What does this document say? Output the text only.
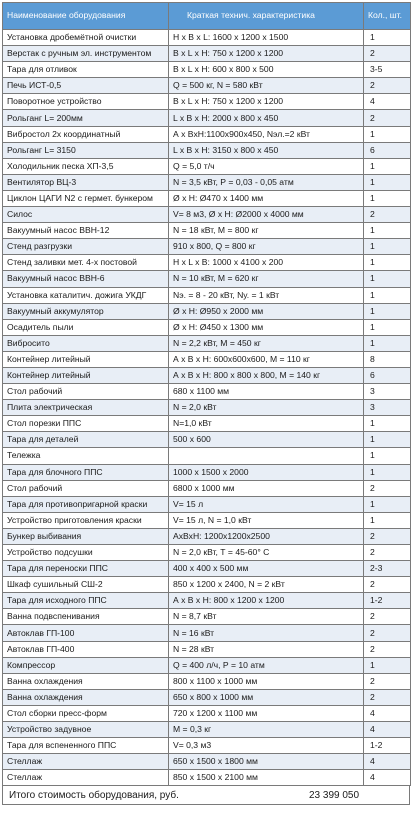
Наименование оборудования	Краткая технич. характеристика	Кол., шт.
Установка дробемётной очистки	Н х В х L: 1600 х 1200 х 1500	1
Верстак с ручным эл. инструментом	В х L х Н: 750 х 1200 х 1200	2
Тара для отливок	В х L х Н: 600 х 800 х 500	3-5
Печь ИСТ-0,5	Q = 500 кг, N = 580 кВт	2
Поворотное устройство	В х L х Н: 750 х 1200 х 1200	4
Рольганг L= 200мм	L х В х Н: 2000 х 800 х 450	2
Вибростол 2х координатный	А х ВхН:1100х900х450, Nэл.=2 кВт	1
Рольганг L= 3150	L х В х Н: 3150 х 800 х 450	6
Холодильник песка ХП-3,5	Q = 5,0 т/ч	1
Вентилятор ВЦ-3	N = 3,5 кВт, Р = 0,03 - 0,05 атм	1
Циклон ЦАГИ N2 с гермет. бункером	Ø х Н: Ø470 х 1400 мм	1
Силос	V= 8 м3, Ø х Н: Ø2000 х 4000 мм	2
Вакуумный насос ВВН-12	N = 18 кВт, М = 800 кг	1
Стенд разгрузки	910 х 800, Q = 800 кг	1
Стенд заливки мет. 4-х постовой	Н х L х В: 1000 х 4100 х 200	1
Вакуумный насос ВВН-6	N = 10 кВт, М = 620 кг	1
Установка каталитич. дожига УКДГ	Nэ. = 8 - 20 кВт, Nу. = 1 кВт	1
Вакуумный аккумулятор	Ø х Н: Ø950 х 2000 мм	1
Осадитель пыли	Ø х Н: Ø450 х 1300 мм	1
Вибросито	N = 2,2 кВт, М = 450 кг	1
Контейнер литейный	А х В х Н: 600х600х600, М = 110 кг	8
Контейнер литейный	А х В х Н: 800 х 800 х 800, М = 140 кг	6
Стол рабочий	680 х 1100 мм	3
Плита электрическая	N = 2,0 кВт	3
Стол порезки ППС	N=1,0 кВт	1
Тара для деталей	500 х 600	1
Тележка		1
Тара для блочного ППС	1000 х 1500 х 2000	1
Стол рабочий	6800 х 1000 мм	2
Тара для противопригарной краски	V= 15 л	1
Устройство приготовления краски	V= 15 л, N = 1,0 кВт	1
Бункер выбивания	АхВхН: 1200х1200х2500	2
Устройство подсушки	N = 2,0 кВт, Т = 45-60° С	2
Тара для переноски ППС	400 х 400 х 500 мм	2-3
Шкаф сушильный СШ-2	850 х 1200 х 2400, N = 2 кВт	2
Тара для исходного ППС	А х В х Н: 800 х 1200 х 1200	1-2
Ванна подвспенивания	N = 8,7 кВт	2
Автоклав ГП-100	N = 16 кВт	2
Автоклав ГП-400	N = 28 кВт	2
Компрессор	Q = 400 л/ч, Р = 10 атм	1
Ванна охлаждения	800 х 1100 х 1000 мм	2
Ванна охлаждения	650 х 800 х 1000 мм	2
Стол сборки пресс-форм	720 х 1200 х 1100 мм	4
Устройство задувное	М = 0,3 кг	4
Тара для вспененного ППС	V= 0,3 м3	1-2
Стеллаж	650 х 1500 х 1800 мм	4
Стеллаж	850 х 1500 х 2100 мм	4
Итого стоимость оборудования, руб.	23 399 050
